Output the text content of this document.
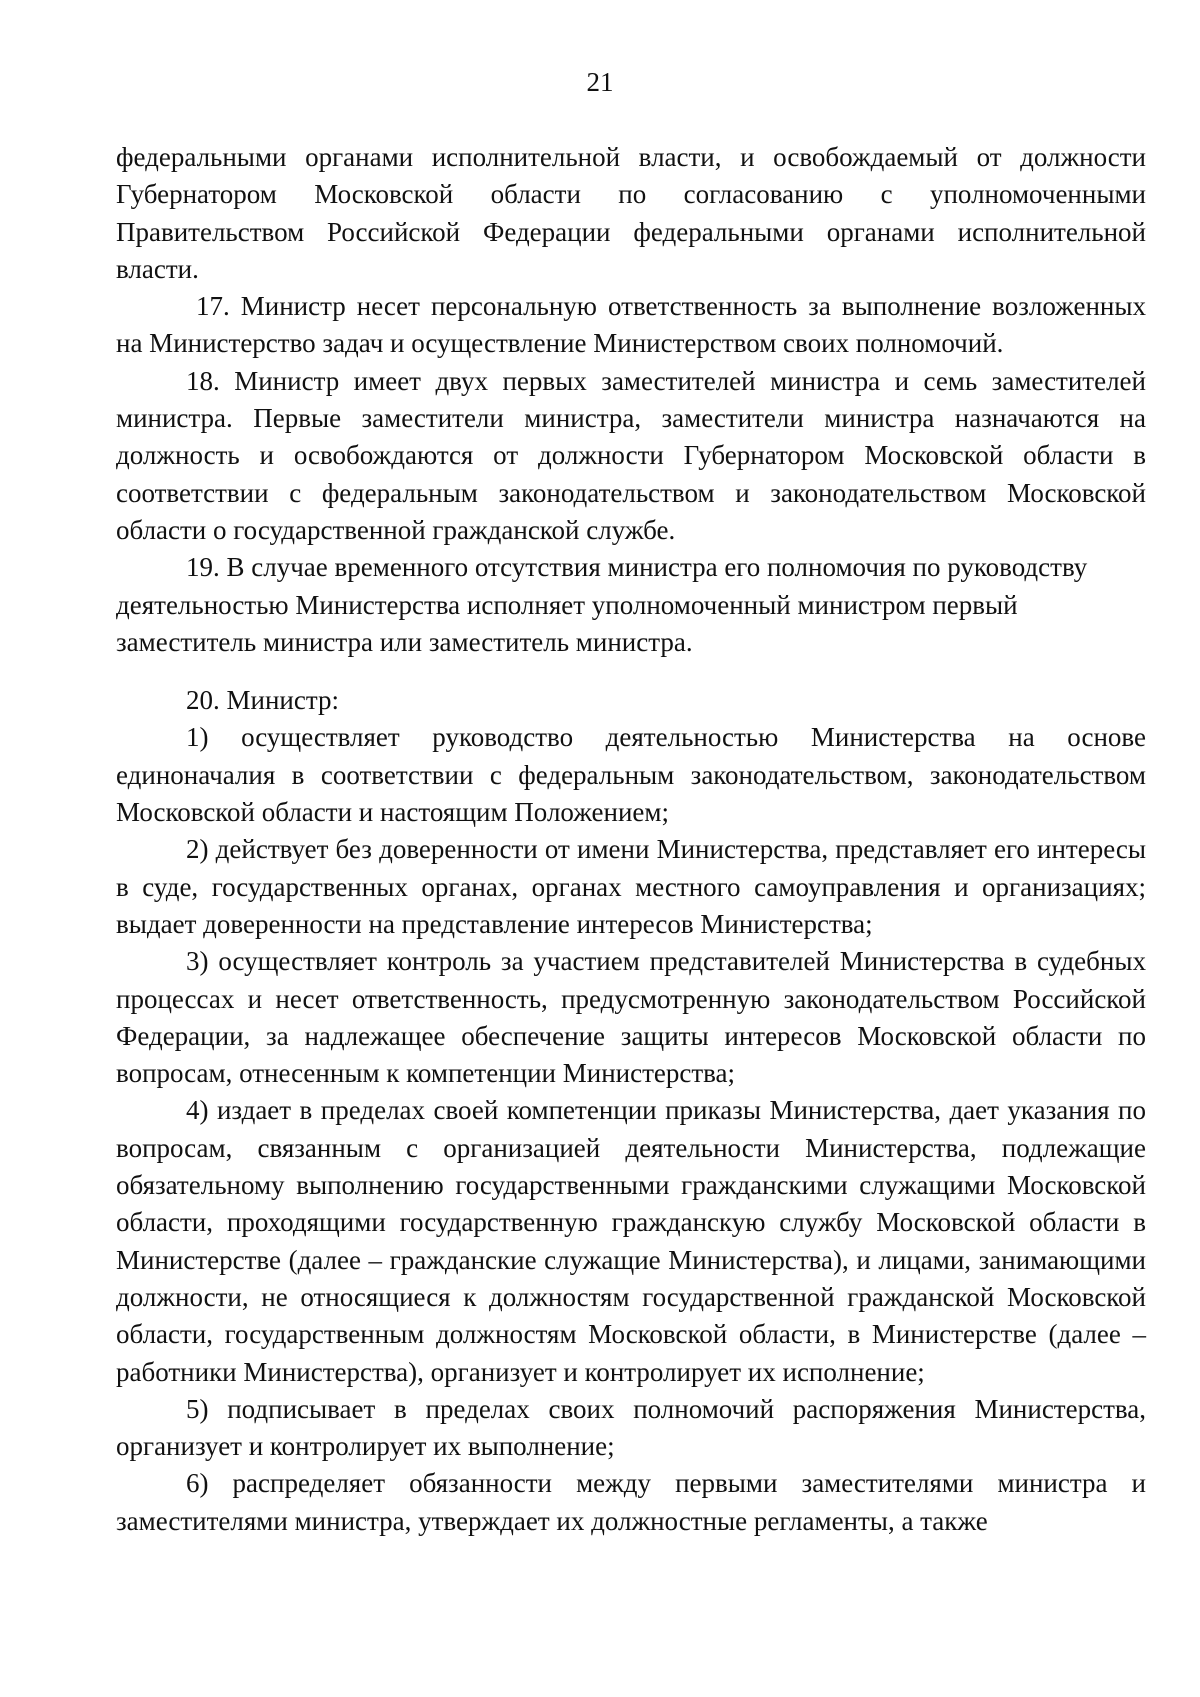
21

федеральными органами исполнительной власти, и освобождаемый от должности Губернатором Московской области по согласованию с уполномоченными Правительством Российской Федерации федеральными органами исполнительной власти.

17. Министр несет персональную ответственность за выполнение возложенных на Министерство задач и осуществление Министерством своих полномочий.

18. Министр имеет двух первых заместителей министра и семь заместителей министра. Первые заместители министра, заместители министра назначаются на должность и освобождаются от должности Губернатором Московской области в соответствии с федеральным законодательством и законодательством Московской области о государственной гражданской службе.

19. В случае временного отсутствия министра его полномочия по руководству деятельностью Министерства исполняет уполномоченный министром первый заместитель министра или заместитель министра.

20. Министр:

1) осуществляет руководство деятельностью Министерства на основе единоначалия в соответствии с федеральным законодательством, законодательством Московской области и настоящим Положением;

2) действует без доверенности от имени Министерства, представляет его интересы в суде, государственных органах, органах местного самоуправления и организациях; выдает доверенности на представление интересов Министерства;

3) осуществляет контроль за участием представителей Министерства в судебных процессах и несет ответственность, предусмотренную законодательством Российской Федерации, за надлежащее обеспечение защиты интересов Московской области по вопросам, отнесенным к компетенции Министерства;

4) издает в пределах своей компетенции приказы Министерства, дает указания по вопросам, связанным с организацией деятельности Министерства, подлежащие обязательному выполнению государственными гражданскими служащими Московской области, проходящими государственную гражданскую службу Московской области в Министерстве (далее – гражданские служащие Министерства), и лицами, занимающими должности, не относящиеся к должностям государственной гражданской Московской области, государственным должностям Московской области, в Министерстве (далее – работники Министерства), организует и контролирует их исполнение;

5) подписывает в пределах своих полномочий распоряжения Министерства, организует и контролирует их выполнение;

6) распределяет обязанности между первыми заместителями министра и заместителями министра, утверждает их должностные регламенты, а также
